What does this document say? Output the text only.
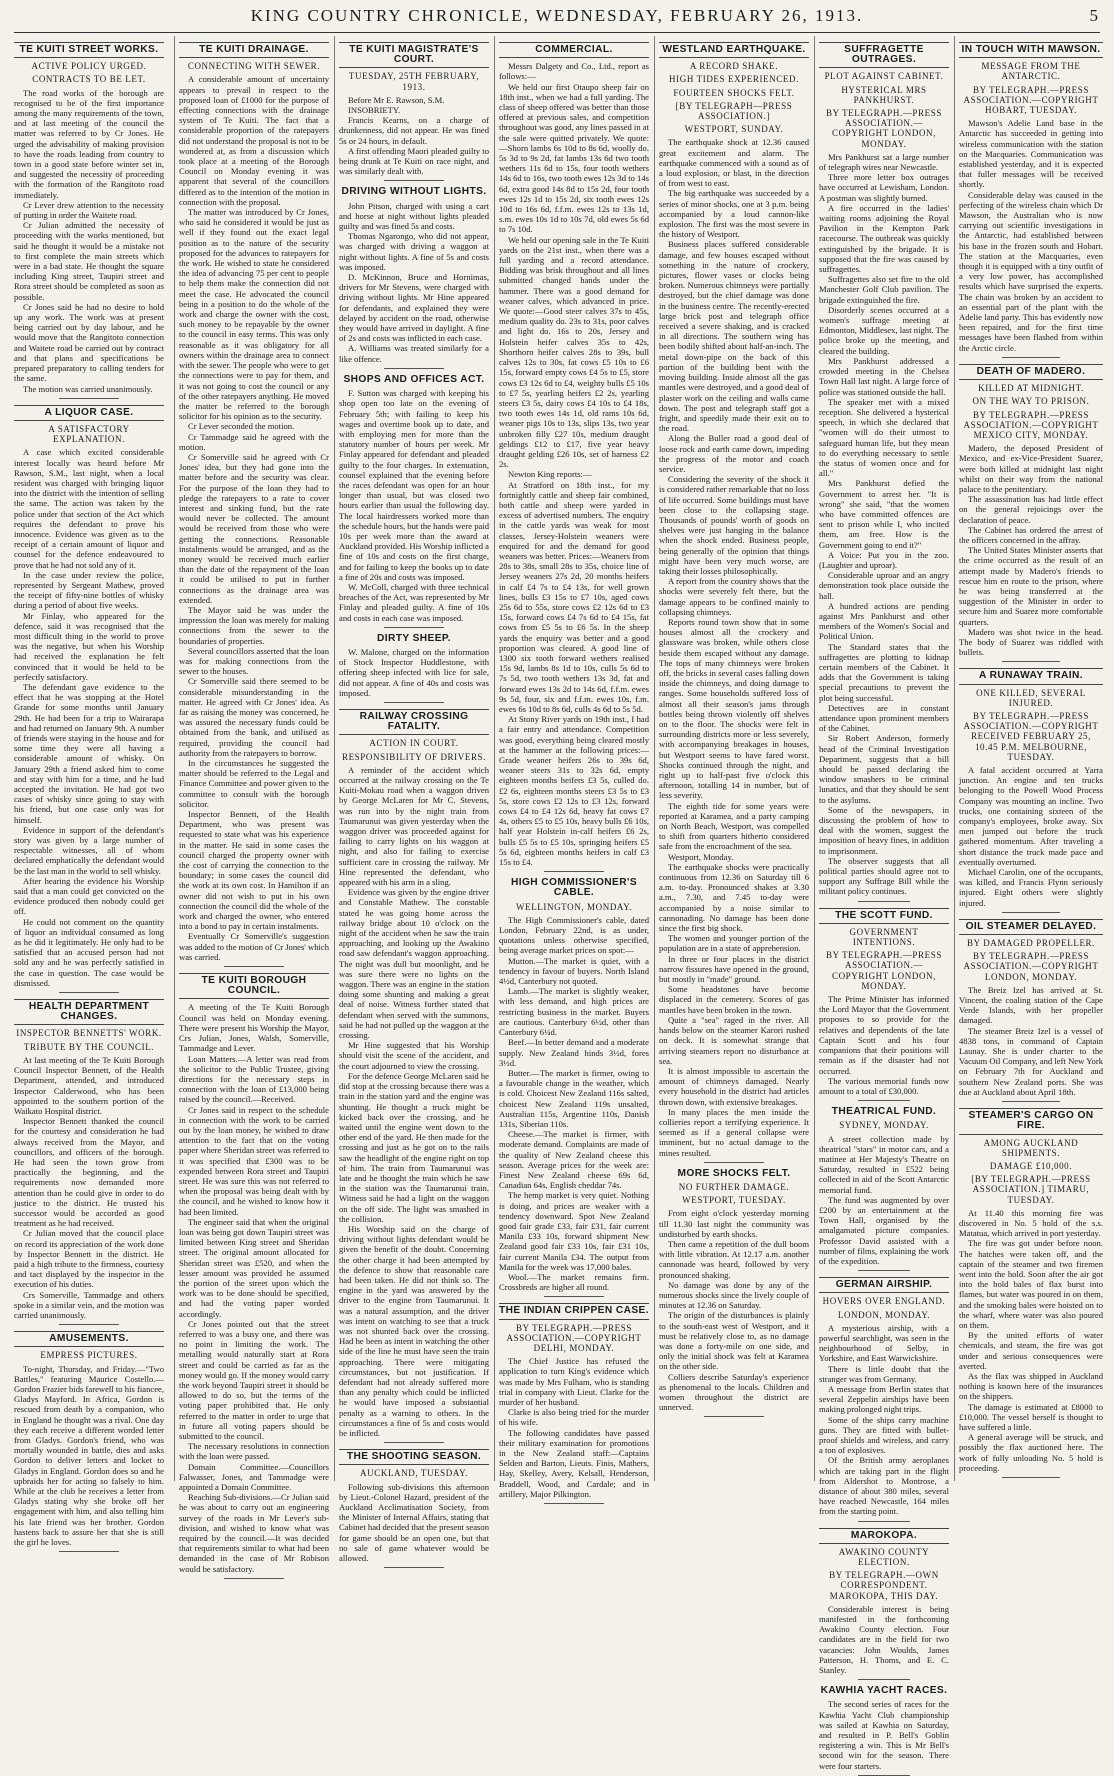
KING COUNTRY CHRONICLE, WEDNESDAY, FEBRUARY 26, 1913.	5
TE KUITI STREET WORKS.
ACTIVE POLICY URGED.
CONTRACTS TO BE LET.

The road works of the borough are recognised to be of the first importance among the many requirements of the town, and at last meeting of the council the matter was referred to by Cr Jones. He urged the advisability of making provision to have the roads leading from country to town in a good state before winter set in, and suggested the necessity of proceeding with the formation of the Rangitoto road immediately.

Cr Lever drew attention to the necessity of putting in order the Waitete road.

Cr Julian admitted the necessity of proceeding with the works mentioned, but said he thought it would be a mistake not to first complete the main streets which were in a bad state. He thought the square including King street, Taupiri street and Rora street should be completed as soon as possible.

Cr Jones said he had no desire to hold up any work. The work was at present being carried out by day labour, and he would move that the Rangitoto connection and Waitete road be carried out by contract and that plans and specifications be prepared preparatory to calling tenders for the same.

The motion was carried unanimously.

A LIQUOR CASE.
A SATISFACTORY EXPLANATION.

A case which excited considerable interest locally was heard before Mr Rawson, S.M., last night, when a local resident was charged with bringing liquor into the district with the intention of selling the same. The action was taken by the police under that section of the Act which requires the defendant to prove his innocence. Evidence was given as to the receipt of a certain amount of liquor and counsel for the defence endeavoured to prove that he had not sold any of it.

In the case under review the police, represented by Sergeant Mathew, proved the receipt of fifty-nine bottles of whisky during a period of about five weeks.

Mr Finlay, who appeared for the defence, said it was recognised that the most difficult thing in the world to prove was the negative, but when his Worship had received the explanation he felt convinced that it would be held to be perfectly satisfactory.

The defendant gave evidence to the effect that he was stopping at the Hotel Grande for some months until January 29th. He had been for a trip to Wairarapa and had returned on January 9th. A number of friends were staying in the house and for some time they were all having a considerable amount of whisky. On January 29th a friend asked him to come and stay with him for a time, and he had accepted the invitation. He had got two cases of whisky since going to stay with his friend, but one case only was for himself.

Evidence in support of the defendant's story was given by a large number of respectable witnesses, all of whom declared emphatically the defendant would be the last man in the world to sell whisky.

After hearing the evidence his Worship said that a man could get convicted on the evidence produced then nobody could get off.

He could not comment on the quantity of liquor an individual consumed as long as he did it legitimately. He only had to be satisfied that an accused person had not sold any and he was perfectly satisfied in the case in question. The case would be dismissed.

HEALTH DEPARTMENT CHANGES.
INSPECTOR BENNETTS' WORK.
TRIBUTE BY THE COUNCIL.

At last meeting of the Te Kuiti Borough Council Inspector Bennett, of the Health Department, attended, and introduced Inspector Calderwood, who has been appointed to the southern portion of the Waikato Hospital district.

Inspector Bennett thanked the council for the courtesy and consideration he had always received from the Mayor, and councillors, and officers of the borough. He had seen the town grow from practically the beginning, and the requirements now demanded more attention than he could give in order to do justice to the district. He trusted his successor would be accorded as good treatment as he had received.

Cr Julian moved that the council place on record its appreciation of the work done by Inspector Bennett in the district. He paid a high tribute to the firmness, courtesy and tact displayed by the inspector in the execution of his duties.

Crs Somerville, Tammadge and others spoke in a similar vein, and the motion was carried unanimously.

AMUSEMENTS.
EMPRESS PICTURES.

To-night, Thursday, and Friday.—"Two Battles," featuring Maurice Costello.—Gordon Frazier bids farewell to his fiancee, Gladys Mayford. In Africa, Gordon is rescued from death by a companion, who in England he thought was a rival. One day they each receive a different worded letter from Gladys. Gordon's friend, who was mortally wounded in battle, dies and asks Gordon to deliver letters and locket to Gladys in England. Gordon does so and he upbraids her for acting so falsely to him. While at the club he receives a letter from Gladys stating why she broke off her engagement with him, and also telling him his late friend was her brother. Gordon hastens back to assure her that she is still the girl he loves.

TE KUITI DRAINAGE.
CONNECTING WITH SEWER.

A considerable amount of uncertainty appears to prevail in respect to the proposed loan of £1000 for the purpose of effecting connections with the drainage system of Te Kuiti. The fact that a considerable proportion of the ratepayers did not understand the proposal is not to be wondered at, as from a discussion which took place at a meeting of the Borough Council on Monday evening it was apparent that several of the councillors differed as to the intention of the motion in connection with the proposal.

The matter was introduced by Cr Jones, who said he considered it would be just as well if they found out the exact legal position as to the nature of the security proposed for the advances to ratepayers for the work. He wished to state he considered the idea of advancing 75 per cent to people to help them make the connection did not meet the case. He advocated the council being in a position to do the whole of the work and charge the owner with the cost, such money to be repayable by the owner to the council in easy terms. This was only reasonable as it was obligatory for all owners within the drainage area to connect with the sewer. The people who were to get the connections were to pay for them, and it was not going to cost the council or any of the other ratepayers anything. He moved the matter be referred to the borough solicitor for his opinion as to the security.

Cr Lever seconded the motion.

Cr Tammadge said he agreed with the motion.

Cr Somerville said he agreed with Cr Jones' idea, but they had gone into the matter before and the security was clear. For the purpose of the loan they had to pledge the ratepayers to a rate to cover interest and sinking fund, but the rate would never be collected. The amount would be received from those who were getting the connections. Reasonable instalments would be arranged, and as the money would be received much earlier than the date of the repayment of the loan it could be utilised to put in further connections as the drainage area was extended.

The Mayor said he was under the impression the loan was merely for making connections from the sewer to the boundaries of properties.

Several councillors asserted that the loan was for making connections from the sewer to the houses.

Cr Somerville said there seemed to be considerable misunderstanding in the matter. He agreed with Cr Jones' idea. As far as raising the money was concerned, he was assured the necessary funds could be obtained from the bank, and utilised as required, providing the council had authority from the ratepayers to borrow.

In the circumstances he suggested the matter should be referred to the Legal and Finance Committee and power given to the committee to consult with the borough solicitor.

Inspector Bennett, of the Health Department, who was present was requested to state what was his experience in the matter. He said in some cases the council charged the property owner with the cost of carrying the connection to the boundary; in some cases the council did the work at its own cost. In Hamilton if an owner did not wish to put in his own connection the council did the whole of the work and charged the owner, who entered into a bond to pay in certain instalments.

Eventually Cr Somerville's suggestion was added to the motion of Cr Jones' which was carried.

TE KUITI BOROUGH COUNCIL.

A meeting of the Te Kuiti Borough Council was held on Monday evening. There were present his Worship the Mayor, Crs Julian, Jones, Walsh, Somerville, Tammadge and Lever.

Loan Matters.—A letter was read from the solicitor to the Public Trustee, giving directions for the necessary steps in connection with the loan of £13,000 being raised by the council.—Received.

Cr Jones said in respect to the schedule in connection with the work to be carried out by the loan money, he wished to draw attention to the fact that on the voting paper where Sheridan street was referred to it was specified that £300 was to be expended between Rora street and Taupiri street. He was sure this was not referred to when the proposal was being dealt with by the council, and he wished to know how it had been limited.

The engineer said that when the original loan was being got down Taupiri street was limited between King street and Sheridan street. The original amount allocated for Sheridan street was £520, and when the lesser amount was provided he assumed the portion of the street upon which the work was to be done should be specified, and had the voting paper worded accordingly.

Cr Jones pointed out that the street referred to was a busy one, and there was no point in limiting the work. The metalling would naturally start at Rora street and could be carried as far as the money would go. If the money would carry the work beyond Taupiri street it should be allowed to do so, but the terms of the voting paper prohibited that. He only referred to the matter in order to urge that in future all voting papers should be submitted to the council.

The necessary resolutions in connection with the loan were passed.

Domain Committee.—Councillors Falwasser, Jones, and Tammadge were appointed a Domain Committee.

Reaching Sub-divisions.—Cr Julian said he was about to carry out an engineering survey of the roads in Mr Lever's sub-division, and wished to know what was required by the council.—It was decided that requirements similar to what had been demanded in the case of Mr Robison would be satisfactory.

TE KUITI MAGISTRATE'S COURT.
TUESDAY, 25TH FEBRUARY, 1913.

Before Mr E. Rawson, S.M.

INSOBRIETY.

Francis Kearns, on a charge of drunkenness, did not appear. He was fined 5s or 24 hours, in default.

A first offending Maori pleaded guilty to being drunk at Te Kuiti on race night, and was similarly dealt with.

DRIVING WITHOUT LIGHTS.

John Pitson, charged with using a cart and horse at night without lights pleaded guilty and was fined 5s and costs.

Thomas Ngarongo, who did not appear, was charged with driving a waggon at night without lights. A fine of 5s and costs was imposed.

D. McKinnon, Bruce and Hornimas, drivers for Mr Stevens, were charged with driving without lights. Mr Hine appeared for defendants, and explained they were delayed by accident on the road, otherwise they would have arrived in daylight. A fine of 2s and costs was inflicted in each case.

A. Williams was treated similarly for a like offence.

SHOPS AND OFFICES ACT.

F. Sutton was charged with keeping his shop open too late on the evening of February 5th; with failing to keep his wages and overtime book up to date, and with employing men for more than the statutory number of hours per week. Mr Finlay appeared for defendant and pleaded guilty to the four charges. In extenuation, counsel explained that the evening before the races defendant was open for an hour longer than usual, but was closed two hours earlier than usual the following day. The local hairdressers worked more than the schedule hours, but the hands were paid 10s per week more than the award at Auckland provided. His Worship inflicted a fine of 10s and costs on the first charge, and for failing to keep the books up to date a fine of 20s and costs was imposed.

W. McColl, charged with three technical breaches of the Act, was represented by Mr Finlay and pleaded guilty. A fine of 10s and costs in each case was imposed.

DIRTY SHEEP.

W. Malone, charged on the information of Stock Inspector Huddlestone, with offering sheep infected with lice for sale, did not appear. A fine of 40s and costs was imposed.

RAILWAY CROSSING FATALITY.
ACTION IN COURT.
RESPONSIBILITY OF DRIVERS.

A reminder of the accident which occurred at the railway crossing on the Te Kuiti-Mokau road when a waggon driven by George McLaren for Mr C. Stevens, was run into by the night train from Taumarunui was given yesterday when the waggon driver was proceeded against for failing to carry lights on his waggon at night, and also for failing to exercise sufficient care in crossing the railway. Mr Hine represented the defendant, who appeared with his arm in a sling.

Evidence was given by the engine driver and Constable Mathew. The constable stated he was going home across the railway bridge about 10 o'clock on the night of the accident when he saw the train approaching, and looking up the Awakino road saw defendant's waggon approaching. The night was dull but moonlight, and he was sure there were no lights on the waggon. There was an engine in the station doing some shunting and making a great deal of noise. Witness further stated that defendant when served with the summons, said he had not pulled up the waggon at the crossing.

Mr Hine suggested that his Worship should visit the scene of the accident, and the court adjourned to view the crossing.

For the defence George McLaren said he did stop at the crossing because there was a train in the station yard and the engine was shunting. He thought a truck might be kicked back over the crossing, and he waited until the engine went down to the other end of the yard. He then made for the crossing and just as he got on to the rails saw the headlight of the engine right on top of him. The train from Taumarunui was late and he thought the train which he saw in the station was the Taumarunui train. Witness said he had a light on the waggon on the off side. The light was smashed in the collision.

His Worship said on the charge of driving without lights defendant would be given the benefit of the doubt. Concerning the other charge it had been attempted by the defence to show that reasonable care had been taken. He did not think so. The engine in the yard was answered by the driver to the engine from Taumarunui. It was a natural assumption, and the driver was intent on watching to see that a truck was not shunted back over the crossing. Had he been as intent in watching the other side of the line he must have seen the train approaching. There were mitigating circumstances, but not justification. If defendant had not already suffered more than any penalty which could be inflicted he would have imposed a substantial penalty as a warning to others. In the circumstances a fine of 5s and costs would be inflicted.

THE SHOOTING SEASON.
AUCKLAND, TUESDAY.

Following sub-divisions this afternoon by Lieut.-Colonel Hazard, president of the Auckland Acclimatisation Society, from the Minister of Internal Affairs, stating that Cabinet had decided that the present season for game should be an open one, but that no sale of game whatever would be allowed.

COMMERCIAL.

Messrs Dalgety and Co., Ltd., report as follows:—

We held our first Otaupo sheep fair on 18th inst., when we had a full yarding. The class of sheep offered was better than those offered at previous sales, and competition throughout was good, any lines passed in at the sale were quitted privately. We quote:—Shorn lambs 6s 10d to 8s 6d, woolly do. 5s 3d to 9s 2d, fat lambs 13s 6d two tooth wethers 11s 6d to 15s, four tooth wethers 14s 6d to 16s, two tooth ewes 12s 3d to 14s 6d, extra good 14s 8d to 15s 2d, four tooth ewes 12s 1d to 15s 2d, six tooth ewes 12s 10d to 16s 6d, f.f.m. ewes 12s to 13s 1d, s.m. ewes 10s 1d to 10s 7d, old ewes 5s 6d to 7s 10d.

We held our opening sale in the Te Kuiti yards on the 21st inst., when there was a full yarding and a record attendance. Bidding was brisk throughout and all lines submitted changed hands under the hammer. There was a good demand for weaner calves, which advanced in price. We quote:—Good steer calves 37s to 45s, medium quality do. 23s to 31s, poor calves and light do. 16s to 20s, Jersey and Holstein heifer calves 35s to 42s, Shorthorn heifer calves 28s to 39s, bull calves 12s to 30s, fat cows £5 10s to £6 15s, forward empty cows £4 5s to £5, store cows £3 12s 6d to £4, weighty bulls £5 10s to £7 5s, yearling heifers £2 2s, yearling steers £3 5s, dairy cows £4 10s to £4 18s, two tooth ewes 14s 1d, old rams 10s 6d, weaner pigs 10s to 13s, slips 13s, two year unbroken filly £27 10s, medium draught geldings £12 to £17, five year heavy draught gelding £26 10s, set of harness £2 2s.

Newton King reports:—

At Stratford on 18th inst., for my fortnightly cattle and sheep fair combined, both cattle and sheep were yarded in excess of advertised numbers. The enquiry in the cattle yards was weak for most classes, Jersey-Holstein weaners were enquired for and the demand for good weaners was better. Prices:—Weaners from 28s to 38s, small 28s to 35s, choice line of Jersey weaners 27s 2d, 20 months heifers in calf £4 7s to £4 13s, for well grown lines, bulls £3 15s to £7 10s, aged cows 25s 6d to 55s, store cows £2 12s 6d to £3 15s, forward cows £4 7s 6d to £4 15s, fat cows from £5 5s to £6 5s. In the sheep yards the enquiry was better and a good proportion was cleared. A good line of 1300 six tooth forward wethers realised 15s 9d, lambs 8s 1d to 10s, culls 5s 6d to 7s 5d, two tooth wethers 13s 3d, fat and forward ewes 13s 2d to 14s 6d, f.f.m. ewes 9s 5d, four, six and f.f.m. ewes 10s, f.m. ewes 6s 10d to 8s 6d, culls 4s 6d to 5s 5d.

At Stony River yards on 19th inst., I had a fair entry and attendance. Competition was good, everything being cleared mostly at the hammer at the following prices:—Grade weaner heifers 26s to 39s 6d, weaner steers 31s to 32s 6d, empty eighteen months heifers £3 5s, culled do. £2 6s, eighteen months steers £3 5s to £3 5s, store cows £2 12s to £3 12s, forward cows £4 to £4 12s 6d, heavy fat cows £7 4s, others £5 to £5 10s, heavy bulls £6 10s, half year Holstein in-calf heifers £6 2s, bulls £5 5s to £5 10s, springing heifers £5 5s 6d, eighteen months heifers in calf £3 15s to £4.

HIGH COMMISSIONER'S CABLE.
WELLINGTON, MONDAY.

The High Commissioner's cable, dated London, February 22nd, is as under, quotations unless otherwise specified, being average market prices on spot:—

Mutton.—The market is quiet, with a tendency in favour of buyers. North Island 4½d, Canterbury not quoted.

Lamb.—The market is slightly weaker, with less demand, and high prices are restricting business in the market. Buyers are cautious. Canterbury 6½d, other than Canterbury 6¼d.

Beef.—In better demand and a moderate supply. New Zealand hinds 3½d, fores 3½d.

Butter.—The market is firmer, owing to a favourable change in the weather, which is cold. Choicest New Zealand 116s salted, choicest New Zealand 119s unsalted, Australian 115s, Argentine 110s, Danish 131s, Siberian 110s.

Cheese.—The market is firmer, with moderate demand. Complaints are made of the quality of New Zealand cheese this season. Average prices for the week are: Finest New Zealand cheese 69s 6d, Canadian 64s, English cheddar 74s.

The hemp market is very quiet. Nothing is doing, and prices are weaker with a tendency downward. Spot New Zealand good fair grade £33, fair £31, fair current Manila £33 10s, forward shipment New Zealand good fair £33 10s, fair £31 10s, fair current Manila £34. The output from Manila for the week was 17,000 bales.

Wool.—The market remains firm. Crossbreds are higher all round.

THE INDIAN CRIPPEN CASE.
BY TELEGRAPH.—PRESS ASSOCIATION.—COPYRIGHT DELHI, MONDAY.

The Chief Justice has refused the application to turn King's evidence which was made by Mrs Fulham, who is standing trial in company with Lieut. Clarke for the murder of her husband.

Clarke is also being tried for the murder of his wife.

The following candidates have passed their military examination for promotions in the New Zealand staff:—Captains Selden and Barton, Lieuts. Finis, Mathers, Hay, Skelley, Avery, Kelsall, Henderson, Braddell, Wood, and Cardale; and in artillery, Major Pilkington.

WESTLAND EARTHQUAKE.
A RECORD SHAKE.
HIGH TIDES EXPERIENCED.
FOURTEEN SHOCKS FELT.
[BY TELEGRAPH—PRESS ASSOCIATION.]
WESTPORT, SUNDAY.

The earthquake shock at 12.36 caused great excitement and alarm. The earthquake commenced with a sound as of a loud explosion, or blast, in the direction of from west to east.

The big earthquake was succeeded by a series of minor shocks, one at 3 p.m. being accompanied by a loud cannon-like explosion. The first was the most severe in the history of Westport.

Business places suffered considerable damage, and few houses escaped without something in the nature of crockery, pictures, flower vases or clocks being broken. Numerous chimneys were partially destroyed, but the chief damage was done in the business centre. The recently-erected large brick post and telegraph office received a severe shaking, and is cracked in all directions. The southern wing has been bodily shifted about half-an-inch. The metal down-pipe on the back of this portion of the building bent with the moving building. Inside almost all the gas mantles were destroyed, and a good deal of plaster work on the ceiling and walls came down. The post and telegraph staff got a fright, and speedily made their exit on to the road.

Along the Buller road a good deal of loose rock and earth came down, impeding the progress of the motor and coach service.

Considering the severity of the shock it is considered rather remarkable that no loss of life occurred. Some buildings must have been close to the collapsing stage. Thousands of pounds' worth of goods on shelves were just hanging in the balance when the shock ended. Business people, being generally of the opinion that things might have been very much worse, are taking their losses philosophically.

A report from the country shows that the shocks were severely felt there, but the damage appears to be confined mainly to collapsing chimneys.

Reports round town show that in some houses almost all the crockery and glassware was broken, while others close beside them escaped without any damage. The tops of many chimneys were broken off, the bricks in several cases falling down inside the chimneys, and doing damage to ranges. Some households suffered loss of almost all their season's jams through bottles being thrown violently off shelves on to the floor. The shocks were felt in surrounding districts more or less severely, with accompanying breakages in houses, but Westport seems to have fared worst. Shocks continued through the night, and right up to half-past five o'clock this afternoon, totalling 14 in number, but of less severity.

The eighth tide for some years were reported at Karamea, and a party camping on North Beach, Westport, was compelled to shift from quarters hitherto considered safe from the encroachment of the sea.

Westport, Monday.

The earthquake shocks were practically continuous from 12.36 on Saturday till 6 a.m. to-day. Pronounced shakes at 3.30 a.m., 7.30, and 7.45 to-day were accompanied by a noise similar to cannonading. No damage has been done since the first big shock.

The women and younger portion of the population are in a state of apprehension.

In three or four places in the district narrow fissures have opened in the ground, but mostly in "made" ground.

Some headstones have become displaced in the cemetery. Scores of gas mantles have been broken in the town.

Quite a "sea" raged in the river. All hands below on the steamer Karori rushed on deck. It is somewhat strange that arriving steamers report no disturbance at sea.

It is almost impossible to ascertain the amount of chimneys damaged. Nearly every household in the district had articles thrown down, with extensive breakages.

In many places the men inside the collieries report a terrifying experience. It seemed as if a general collapse were imminent, but no actual damage to the mines resulted.

MORE SHOCKS FELT.
NO FURTHER DAMAGE.
WESTPORT, TUESDAY.

From eight o'clock yesterday morning till 11.30 last night the community was undisturbed by earth shocks.

Then came a repetition of the dull boom with little vibration. At 12.17 a.m. another cannonade was heard, followed by very pronounced shaking.

No damage was done by any of the numerous shocks since the lively couple of minutes at 12.36 on Saturday.

The origin of the disturbances is plainly to the south-east west of Westport, and it must be relatively close to, as no damage was done a forty-mile on one side, and only the initial shock was felt at Karamea on the other side.

Colliers describe Saturday's experience as phenomenal to the locals. Children and women throughout the district are unnerved.

SUFFRAGETTE OUTRAGES.
PLOT AGAINST CABINET.
HYSTERICAL MRS PANKHURST.
BY TELEGRAPH.—PRESS ASSOCIATION.—COPYRIGHT LONDON, MONDAY.

Mrs Pankhurst sat a large number of telegraph wires near Newcastle.

Three more letter box outrages have occurred at Lewisham, London. A postman was slightly burned.

A fire occurred in the ladies' waiting rooms adjoining the Royal Pavilion in the Kempton Park racecourse. The outbreak was quickly extinguished by the brigade. It is supposed that the fire was caused by suffragettes.

Suffragettes also set fire to the old Manchester Golf Club pavilion. The brigade extinguished the fire.

Disorderly scenes occurred at a women's suffrage meeting at Edmonton, Middlesex, last night. The police broke up the meeting, and cleared the building.

Mrs Pankhurst addressed a crowded meeting in the Chelsea Town Hall last night. A large force of police was stationed outside the hall.

The speaker met with a mixed reception. She delivered a hysterical speech, in which she declared that "women will do their utmost to safeguard human life, but they mean to do everything necessary to settle the status of women once and for all."

Mrs Pankhurst defied the Government to arrest her. "It is wrong" she said, "that the women who have committed offences are sent to prison while I, who incited them, am free. How is the Government going to end it?"

A Voice: Put you in the zoo. (Laughter and uproar).

Considerable uproar and an angry demonstration took place outside the hall.

A hundred actions are pending against Mrs Pankhurst and other members of the Women's Social and Political Union.

The Standard states that the suffragettes are plotting to kidnap certain members of the Cabinet. It adds that the Government is taking special precautions to prevent the plot being successful.

Detectives are in constant attendance upon prominent members of the Cabinet.

Sir Robert Anderson, formerly head of the Criminal Investigation Department, suggests that a bill should be passed declaring the window smashers to be criminal lunatics, and that they should be sent to the asylums.

Some of the newspapers, in discussing the problem of how to deal with the women, suggest the imposition of heavy fines, in addition to imprisonment.

The observer suggests that all political parties should agree not to support any Suffrage Bill while the militant policy continues.

THE SCOTT FUND.
GOVERNMENT INTENTIONS.
BY TELEGRAPH.—PRESS ASSOCIATION.—COPYRIGHT LONDON, MONDAY.

The Prime Minister has informed the Lord Mayor that the Government proposes to so provide for the relatives and dependents of the late Captain Scott and his four companions that their positions will remain as if the disaster had not occurred.

The various memorial funds now amount to a total of £30,000.

THEATRICAL FUND.
SYDNEY, MONDAY.

A street collection made by theatrical "stars" in motor cars, and a matinee at Her Majesty's Theatre on Saturday, resulted in £522 being collected in aid of the Scott Antarctic memorial fund.

The fund was augmented by over £200 by an entertainment at the Town Hall, organised by the amalgamated picture companies. Professor David assisted with a number of films, explaining the work of the expedition.

GERMAN AIRSHIP.
HOVERS OVER ENGLAND.
LONDON, MONDAY.

A mysterious airship, with a powerful searchlight, was seen in the neighbourhood of Selby, in Yorkshire, and East Warwickshire.

There is little doubt that the stranger was from Germany.

A message from Berlin states that several Zeppelin airships have been making prolonged night trips.

Some of the ships carry machine guns. They are fitted with bullet-proof shields and wireless, and carry a ton of explosives.

Of the British army aeroplanes which are taking part in the flight from Aldershot to Montrose, a distance of about 380 miles, several have reached Newcastle, 164 miles from the starting point.

MAROKOPA.
AWAKINO COUNTY ELECTION.
BY TELEGRAPH.—OWN CORRESPONDENT. MAROKOPA, THIS DAY.

Considerable interest is being manifested in the forthcoming Awakino County election. Four candidates are in the field for two vacancies: John Woulds, James Patterson, H. Thoms, and E. C. Stanley.

KAWHIA YACHT RACES.

The second series of races for the Kawhia Yacht Club championship was sailed at Kawhia on Saturday, and resulted in P. Bell's Goblin registering a win. This is Mr Bell's second win for the season. There were four starters.

IN TOUCH WITH MAWSON.
MESSAGE FROM THE ANTARCTIC.
BY TELEGRAPH.—PRESS ASSOCIATION.—COPYRIGHT HOBART, TUESDAY.

Mawson's Adelie Land base in the Antarctic has succeeded in getting into wireless communication with the station on the Macquaries. Communication was established yesterday, and it is expected that fuller messages will be received shortly.

Considerable delay was caused in the perfecting of the wireless chain which Dr Mawson, the Australian who is now carrying out scientific investigations in the Antarctic, had established between his base in the frozen south and Hobart. The station at the Macquaries, even though it is equipped with a tiny outfit of a very low power, has accomplished results which have surprised the experts. The chain was broken by an accident to an essential part of the plant with the Adelie land party. This has evidently now been repaired, and for the first time messages have been flashed from within the Arctic circle.

DEATH OF MADERO.
KILLED AT MIDNIGHT.
ON THE WAY TO PRISON.
BY TELEGRAPH.—PRESS ASSOCIATION.—COPYRIGHT MEXICO CITY, MONDAY.

Madero, the deposed President of Mexico, and ex-Vice-President Suarez, were both killed at midnight last night whilst on their way from the national palace to the penitentiary.

The assassination has had little effect on the general rejoicings over the declaration of peace.

The Cabinet has ordered the arrest of the officers concerned in the affray.

The United States Minister asserts that the crime occurred as the result of an attempt made by Madero's friends to rescue him en route to the prison, where he was being transferred at the suggestion of the Minister in order to secure him and Suarez more comfortable quarters.

Madero was shot twice in the head. The body of Suarez was riddled with bullets.

A RUNAWAY TRAIN.
ONE KILLED, SEVERAL INJURED.
BY TELEGRAPH.—PRESS ASSOCIATION.—COPYRIGHT RECEIVED FEBRUARY 25, 10.45 P.M. MELBOURNE, TUESDAY.

A fatal accident occurred at Yarra junction. An engine and ten trucks belonging to the Powell Wood Process Company was mounting an incline. Two trucks, one containing sixteen of the company's employees, broke away. Six men jumped out before the truck gathered momentum. After traveling a short distance the truck made pace and eventually overturned.

Michael Carolin, one of the occupants, was killed, and Francis Flynn seriously injured. Eight others were slightly injured.

OIL STEAMER DELAYED.
BY DAMAGED PROPELLER.
BY TELEGRAPH.—PRESS ASSOCIATION.—COPYRIGHT LONDON, MONDAY.

The Breiz Izel has arrived at St. Vincent, the coaling station of the Cape Verde Islands, with her propeller damaged.

The steamer Breiz Izel is a vessel of 4838 tons, in command of Captain Launay. She is under charter to the Vacuum Oil Company, and left New York on February 7th for Auckland and southern New Zealand ports. She was due at Auckland about April 18th.

STEAMER'S CARGO ON FIRE.
AMONG AUCKLAND SHIPMENTS.
DAMAGE £10,000.
[BY TELEGRAPH.—PRESS ASSOCIATION.] TIMARU, TUESDAY.

At 11.40 this morning fire was discovered in No. 5 hold of the s.s. Matatua, which arrived in port yesterday.

The fire was got under before noon. The hatches were taken off, and the captain of the steamer and two firemen went into the hold. Soon after the air got into the hold bales of flax burst into flames, but water was poured in on them, and the smoking bales were hoisted on to the wharf, where water was also poured on them.

By the united efforts of water chemicals, and steam, the fire was got under and serious consequences were averted.

As the flax was shipped in Auckland nothing is known here of the insurances on the shippers.

The damage is estimated at £8000 to £10,000. The vessel herself is thought to have suffered a little.

A general average will be struck, and possibly the flax auctioned here. The work of fully unloading No. 5 hold is proceeding.
